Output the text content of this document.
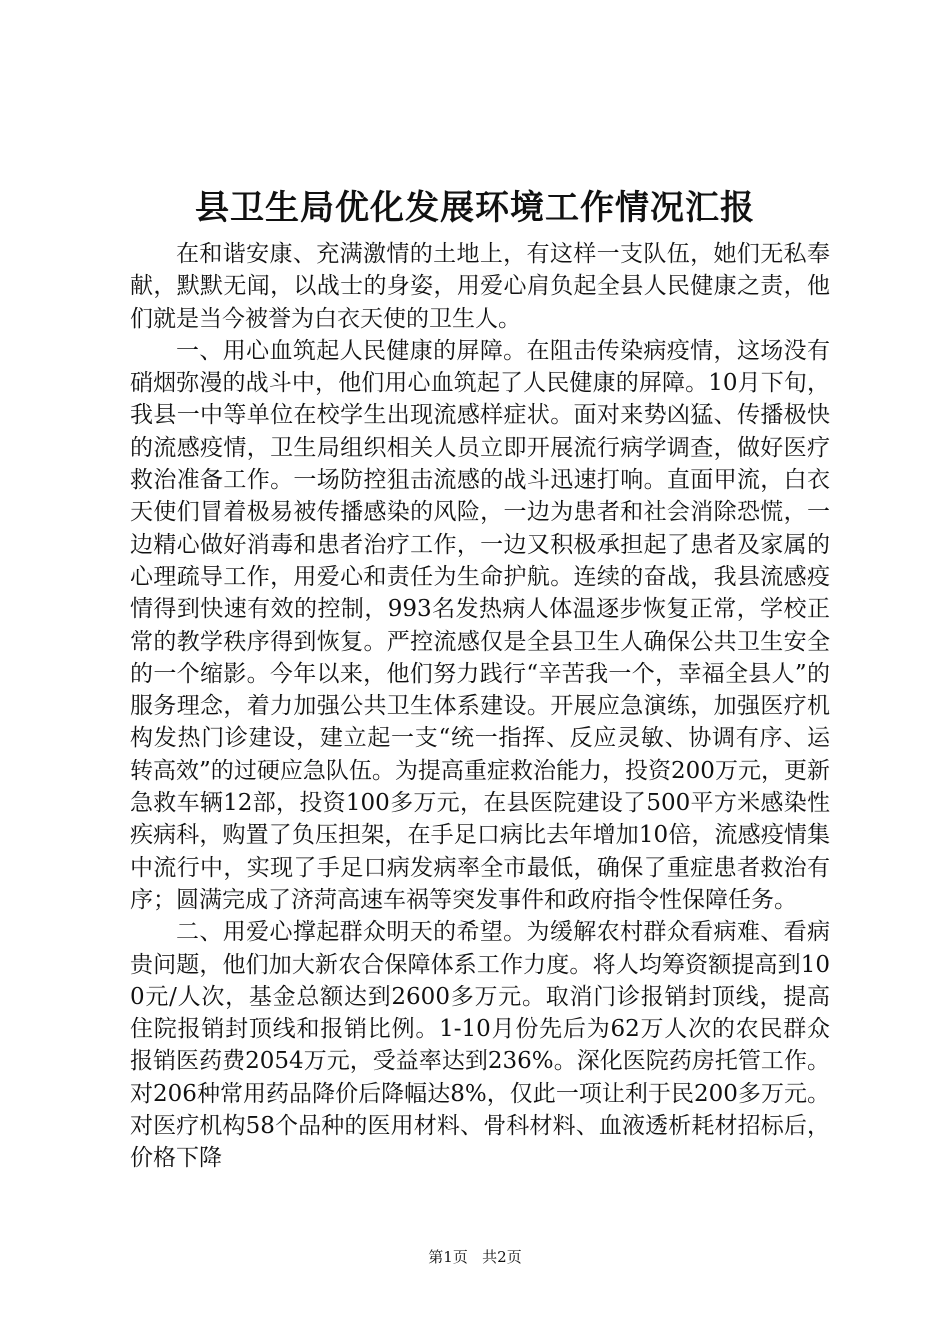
县卫生局优化发展环境工作情况汇报

在和谐安康、充满激情的土地上，有这样一支队伍，她们无私奉献，默默无闻，以战士的身姿，用爱心肩负起全县人民健康之责，他们就是当今被誉为白衣天使的卫生人。

一、用心血筑起人民健康的屏障。在阻击传染病疫情，这场没有硝烟弥漫的战斗中，他们用心血筑起了人民健康的屏障。10月下旬，我县一中等单位在校学生出现流感样症状。面对来势凶猛、传播极快的流感疫情，卫生局组织相关人员立即开展流行病学调查，做好医疗救治准备工作。一场防控狙击流感的战斗迅速打响。直面甲流，白衣天使们冒着极易被传播感染的风险，一边为患者和社会消除恐慌，一边精心做好消毒和患者治疗工作，一边又积极承担起了患者及家属的心理疏导工作，用爱心和责任为生命护航。连续的奋战，我县流感疫情得到快速有效的控制，993名发热病人体温逐步恢复正常，学校正常的教学秩序得到恢复。严控流感仅是全县卫生人确保公共卫生安全的一个缩影。今年以来，他们努力践行“辛苦我一个，幸福全县人”的服务理念，着力加强公共卫生体系建设。开展应急演练，加强医疗机构发热门诊建设，建立起一支“统一指挥、反应灵敏、协调有序、运转高效”的过硬应急队伍。为提高重症救治能力，投资200万元，更新急救车辆12部，投资100多万元，在县医院建设了500平方米感染性疾病科，购置了负压担架，在手足口病比去年增加10倍，流感疫情集中流行中，实现了手足口病发病率全市最低，确保了重症患者救治有序；圆满完成了济菏高速车祸等突发事件和政府指令性保障任务。

二、用爱心撑起群众明天的希望。为缓解农村群众看病难、看病贵问题，他们加大新农合保障体系工作力度。将人均筹资额提高到100元/人次，基金总额达到2600多万元。取消门诊报销封顶线，提高住院报销封顶线和报销比例。1-10月份先后为62万人次的农民群众报销医药费2054万元，受益率达到236%。深化医院药房托管工作。对206种常用药品降价后降幅达8%，仅此一项让利于民200多万元。对医疗机构58个品种的医用材料、骨科材料、血液透析耗材招标后，价格下降

第1页 共2页
